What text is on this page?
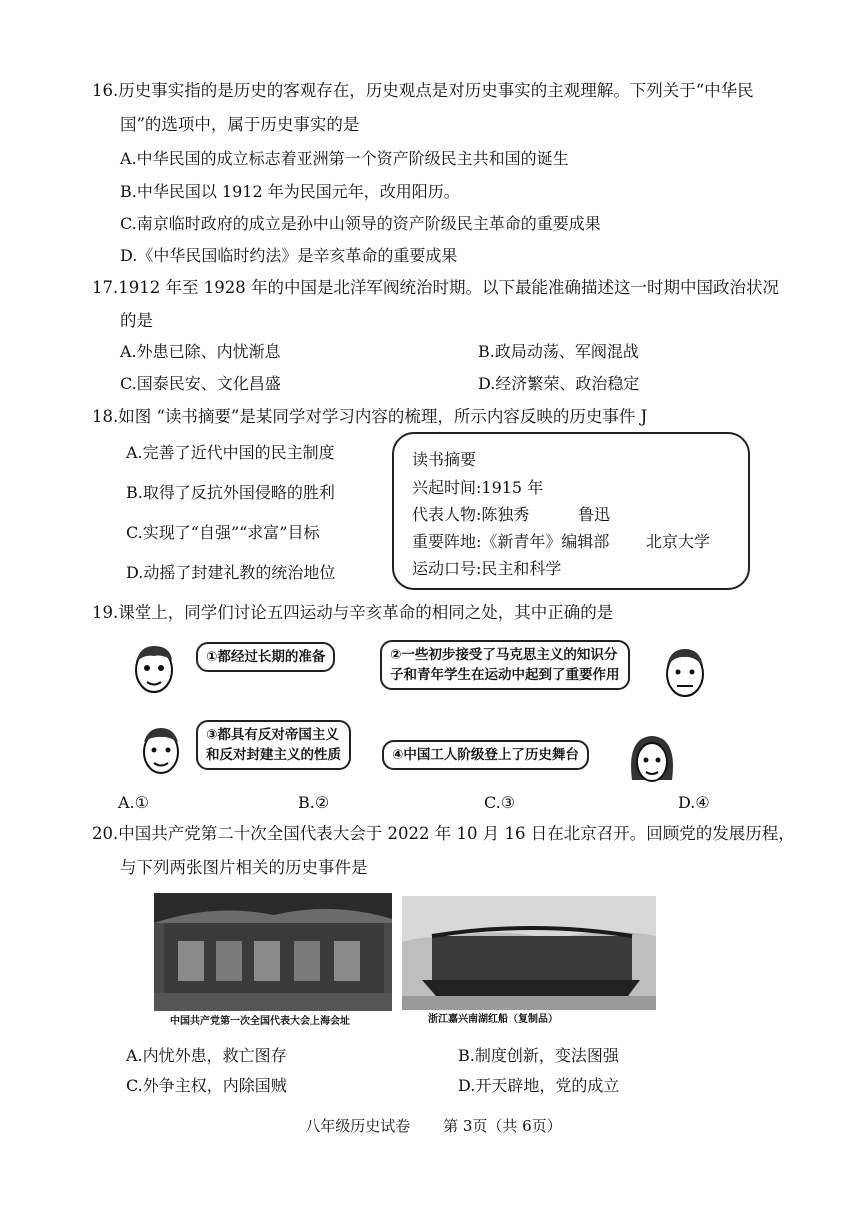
16.历史事实指的是历史的客观存在，历史观点是对历史事实的主观理解。下列关于“中华民
国”的选项中，属于历史事实的是
A.中华民国的成立标志着亚洲第一个资产阶级民主共和国的诞生
B.中华民国以 1912 年为民国元年，改用阳历。
C.南京临时政府的成立是孙中山领导的资产阶级民主革命的重要成果
D.《中华民国临时约法》是辛亥革命的重要成果
17.1912 年至 1928 年的中国是北洋军阀统治时期。以下最能准确描述这一时期中国政治状况
的是
A.外患已除、内忧渐息	B.政局动荡、军阀混战
C.国泰民安、文化昌盛	D.经济繁荣、政治稳定
18.如图 “读书摘要”是某同学对学习内容的梳理，所示内容反映的历史事件 J
A.完善了近代中国的民主制度
B.取得了反抗外国侵略的胜利
C.实现了“自强”“求富”目标
D.动摇了封建礼教的统治地位
读书摘要
兴起时间:1915 年
代表人物:陈独秀	鲁迅
重要阵地:《新青年》编辑部 北京大学
运动口号:民主和科学
19.课堂上，同学们讨论五四运动与辛亥革命的相同之处，其中正确的是
①都经过长期的准备	②一些初步接受了马克思主义的知识分
子和青年学生在运动中起到了重要作用
③都具有反对帝国主义
和反对封建主义的性质	④中国工人阶级登上了历史舞台
A.①	B.②	C.③	D.④
20.中国共产党第二十次全国代表大会于 2022 年 10 月 16 日在北京召开。回顾党的发展历程，
与下列两张图片相关的历史事件是
中国共产党第一次全国代表大会上海会址	浙江嘉兴南湖红船（复制品）
A.内忧外患，救亡图存	B.制度创新，变法图强
C.外争主权，内除国贼	D.开天辟地，党的成立
八年级历史试卷 第 3页（共 6页）
